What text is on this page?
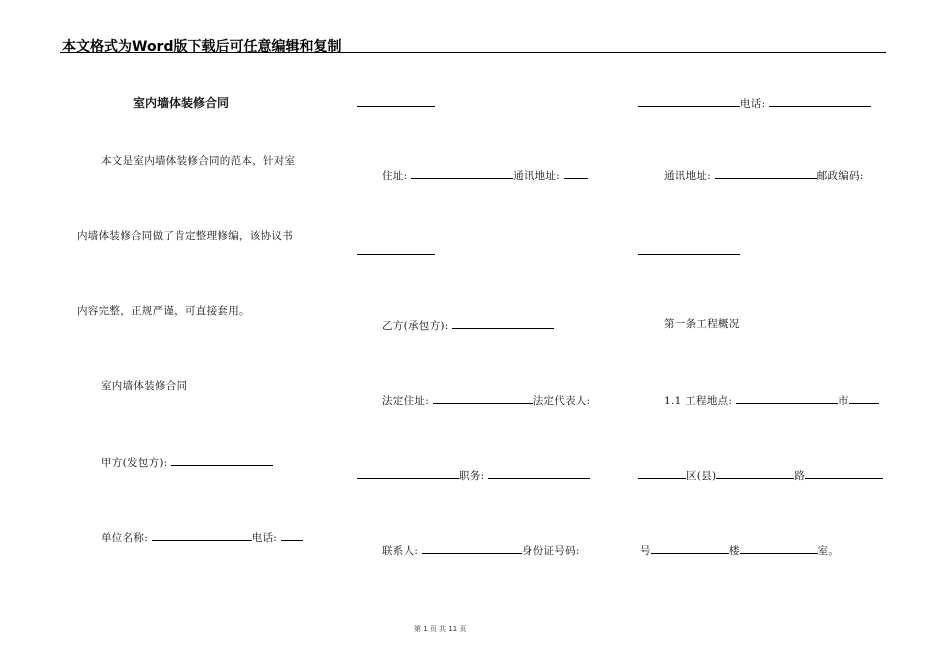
本文格式为Word版下载后可任意编辑和复制
室内墙体装修合同
本文是室内墙体装修合同的范本，针对室
内墙体装修合同做了肯定整理修编，该协议书
内容完整，正规严谨，可直接套用。
室内墙体装修合同
甲方(发包方):
单位名称:	电话:
住址:	通讯地址:
乙方(承包方):
法定住址:	法定代表人:
职务:
联系人:	身份证号码:
电话:
通讯地址:	邮政编码:
第一条工程概况
1.1 工程地点:	市
区(县)	路
号	楼	室。
第 1 页 共 11 页
